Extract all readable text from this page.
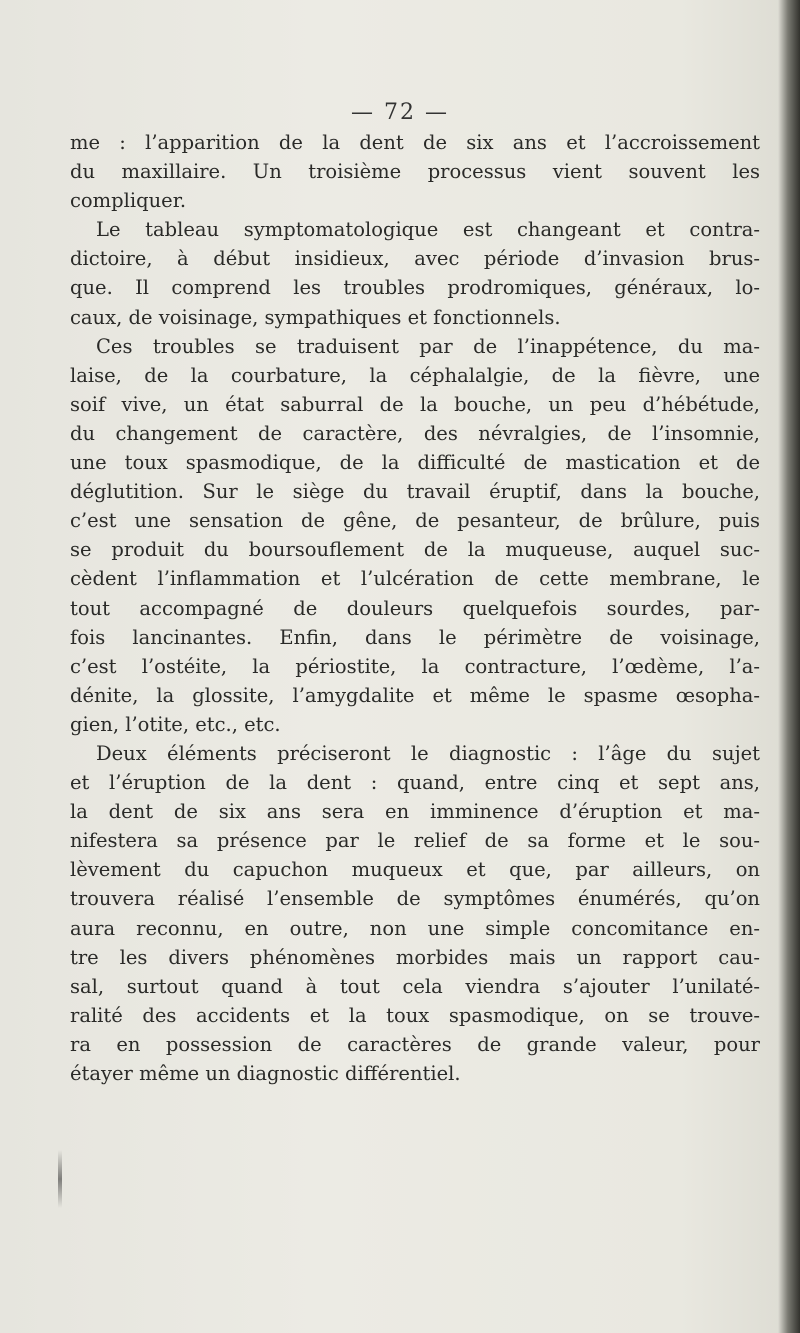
— 72 —
me : l’apparition de la dent de six ans et l’accroissement
du maxillaire. Un troisième processus vient souvent les
compliquer.
Le tableau symptomatologique est changeant et contra-
dictoire, à début insidieux, avec période d’invasion brus-
que. Il comprend les troubles prodromiques, généraux, lo-
caux, de voisinage, sympathiques et fonctionnels.
Ces troubles se traduisent par de l’inappétence, du ma-
laise, de la courbature, la céphalalgie, de la fièvre, une
soif vive, un état saburral de la bouche, un peu d’hébétude,
du changement de caractère, des névralgies, de l’insomnie,
une toux spasmodique, de la difficulté de mastication et de
déglutition. Sur le siège du travail éruptif, dans la bouche,
c’est une sensation de gêne, de pesanteur, de brûlure, puis
se produit du boursouflement de la muqueuse, auquel suc-
cèdent l’inflammation et l’ulcération de cette membrane, le
tout accompagné de douleurs quelquefois sourdes, par-
fois lancinantes. Enfin, dans le périmètre de voisinage,
c’est l’ostéite, la périostite, la contracture, l’œdème, l’a-
dénite, la glossite, l’amygdalite et même le spasme œsopha-
gien, l’otite, etc., etc.
Deux éléments préciseront le diagnostic : l’âge du sujet
et l’éruption de la dent : quand, entre cinq et sept ans,
la dent de six ans sera en imminence d’éruption et ma-
nifestera sa présence par le relief de sa forme et le sou-
lèvement du capuchon muqueux et que, par ailleurs, on
trouvera réalisé l’ensemble de symptômes énumérés, qu’on
aura reconnu, en outre, non une simple concomitance en-
tre les divers phénomènes morbides mais un rapport cau-
sal, surtout quand à tout cela viendra s’ajouter l’unilaté-
ralité des accidents et la toux spasmodique, on se trouve-
ra en possession de caractères de grande valeur, pour
étayer même un diagnostic différentiel.
